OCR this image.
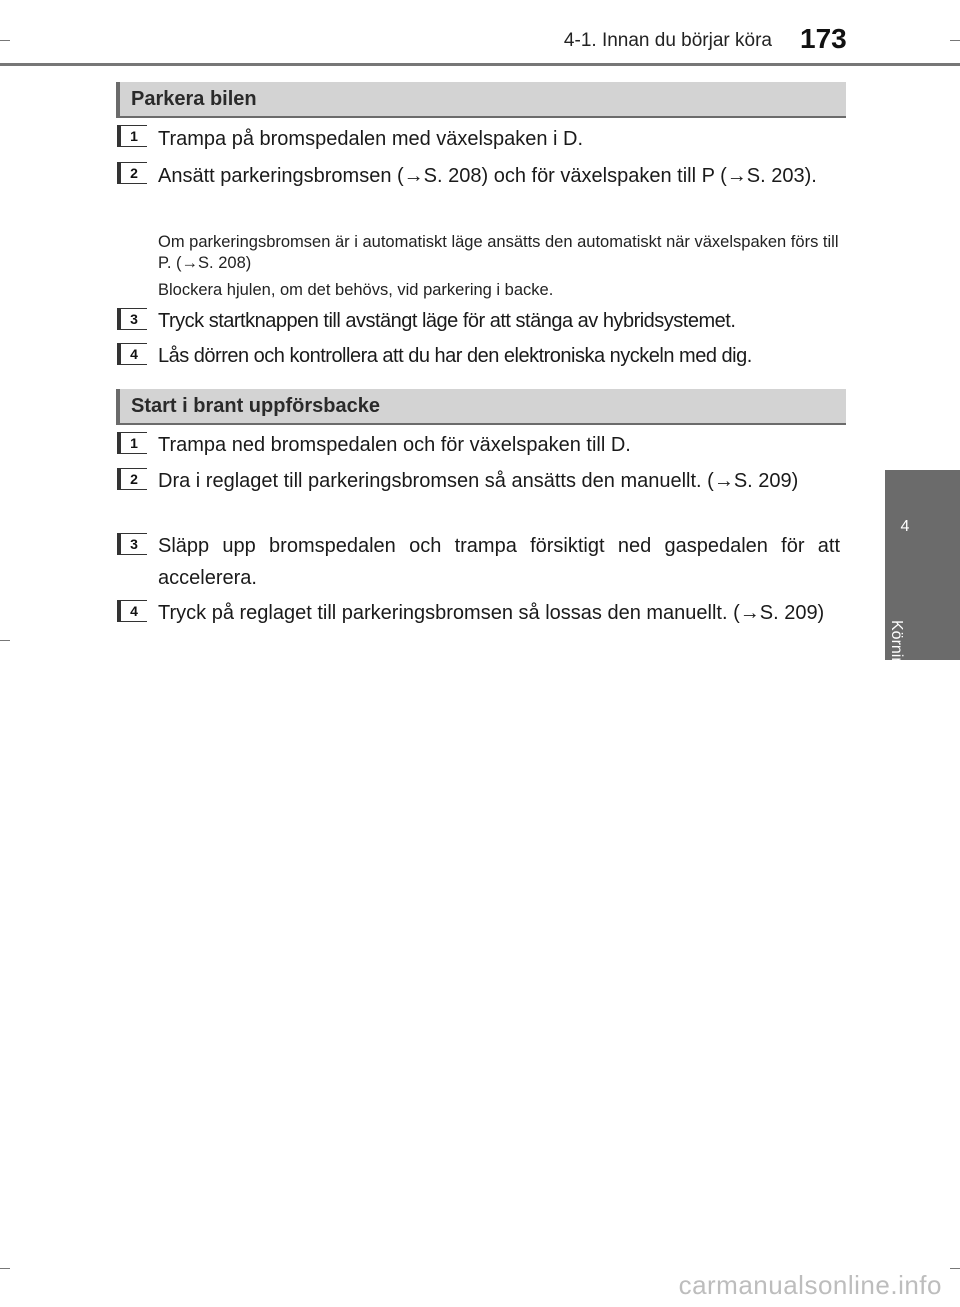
4-1. Innan du börjar köra 173
4
Körning
Parkera bilen
1	Trampa på bromspedalen med växelspaken i D.
2	Ansätt parkeringsbromsen (→S. 208) och för växelspaken till P (→S. 203).
Om parkeringsbromsen är i automatiskt läge ansätts den automatiskt när växelspaken förs till P. (→S. 208)
Blockera hjulen, om det behövs, vid parkering i backe.
3	Tryck startknappen till avstängt läge för att stänga av hybridsystemet.
4	Lås dörren och kontrollera att du har den elektroniska nyckeln med dig.
Start i brant uppförsbacke
1	Trampa ned bromspedalen och för växelspaken till D.
2	Dra i reglaget till parkeringsbromsen så ansätts den manuellt. (→S. 209)
3	Släpp upp bromspedalen och trampa försiktigt ned gaspedalen för att accelerera.
4	Tryck på reglaget till parkeringsbromsen så lossas den manuellt. (→S. 209)
carmanualsonline.info
